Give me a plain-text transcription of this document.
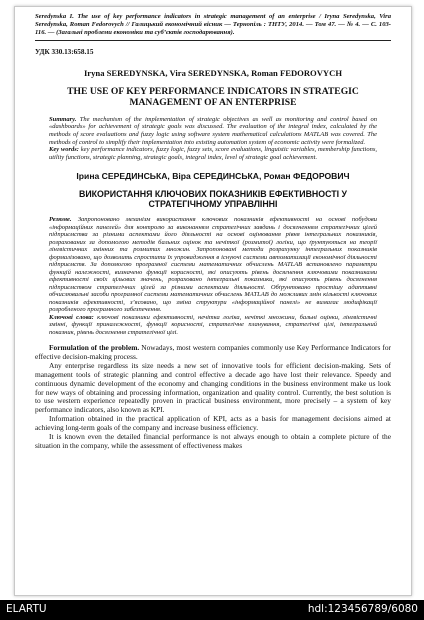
Seredynska I. The use of key performance indicators in strategic management of an enterprise / Iryna Seredynska, Vira Seredynska, Roman Fedorovych // Галицький економічний вісник — Тернопіль : ТНТУ, 2014. — Том 47. — № 4. — С. 103-116. — (Загальні проблеми економіки та суб’єктів господарювання).
УДК 330.13:658.15
Iryna SEREDYNSKA, Vira SEREDYNSKA, Roman FEDOROVYCH
THE USE OF KEY PERFORMANCE INDICATORS IN STRATEGIC MANAGEMENT OF AN ENTERPRISE
Summary. The mechanism of the implementation of strategic objectives as well as monitoring and control based on «dashboards» for achievement of strategic goals was discussed. The evaluation of the integral index, calculated by the methods of score evaluations and fuzzy logic using software system mathematical calculations MATLAB was covered. The methods of control to simplify their implementation into existing automation system of economic activity were formalized.
Key words: key performance indicators, fuzzy logic, fuzzy sets, score evaluations, linguistic variables, membership functions, utility functions, strategic planning, strategic goals, integral index, level of strategic goal achievement.
Ірина СЕРЕДИНСЬКА, Віра СЕРЕДИНСЬКА, Роман ФЕДОРОВИЧ
ВИКОРИСТАННЯ КЛЮЧОВИХ ПОКАЗНИКІВ ЕФЕКТИВНОСТІ У СТРАТЕГІЧНОМУ УПРАВЛІННІ
Резюме. Запропоновано механізм використання ключових показників ефективності на основі побудови «інформаційних панелей» для контролю за виконанням стратегічних завдань і досягненням стратегічних цілей підприємства за різними аспектами його діяльності на основі оцінювання рівня інтегральних показників, розрахованих за допомогою методів бальних оцінок та нечіткої (розмитої) логіки, що ґрунтуються на теорії лінгвістичних змінних та розмитих множин. Запропоновані методи розрахунку інтегральних показників формалізовано, що дозволить спростити їх упровадження в існуючі системи автоматизації економічної діяльності підприємств. За допомогою програмної системи математичних обчислень MATLAB встановлено параметри функцій належності, визначено функції корисності, які описують рівень досягнення ключовими показниками ефективності своїх цільових значень, розраховано інтегральні показники, які описують рівень досягнення підприємством стратегічних цілей за різними аспектами діяльності. Обґрунтовано простішу адаптивні обчислювальні засоби програмної системи математичних обчислень MATLAB до можливих змін кількості ключових показників ефективності, з’ясовано, що зміна структури «інформаційної панелі» не вимагає модифікації розробленого програмного забезпечення.
Ключові слова: ключові показники ефективності, нечітка логіка, нечіткі множини, бальні оцінки, лінгвістичні змінні, функції приналежності, функції корисності, стратегічне планування, стратегічні цілі, інтегральний показник, рівень досягнення стратегічної цілі.

Formulation of the problem. Nowadays, most western companies commonly use Key Performance Indicators for effective decision-making process.

Any enterprise regardless its size needs a new set of innovative tools for efficient decision-making. Sets of management tools of strategic planning and control effective a decade ago have lost their relevance. Speedy and continuous dynamic development of the economy and changing conditions in the business environment make us look for new ways of obtaining and processing information, organization and quality control. Currently, the best solution is to use western experience repeatedly proven in practical business environment, more precisely – a system of key performance indicators, also known as KPI.

Information obtained in the practical application of KPI, acts as a basis for management decisions aimed at achieving long-term goals of the company and increase business efficiency.

It is known even the detailed financial performance is not always enough to obtain a complete picture of the situation in the company, while the assessment of effectiveness makes

ELARTU	hdl:123456789/6080
